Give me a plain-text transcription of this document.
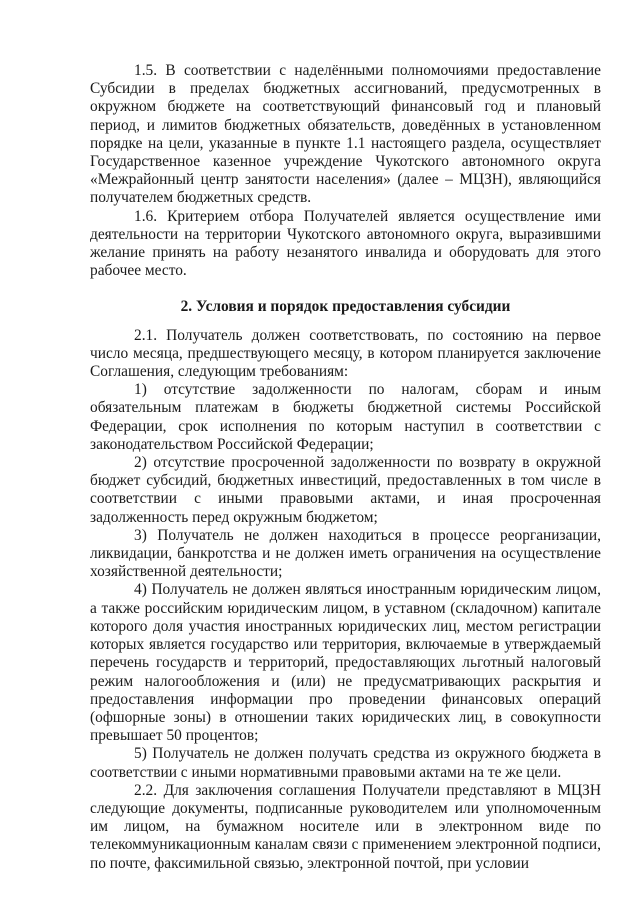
1.5. В соответствии с наделёнными полномочиями предоставление Субсидии в пределах бюджетных ассигнований, предусмотренных в окружном бюджете на соответствующий финансовый год и плановый период, и лимитов бюджетных обязательств, доведённых в установленном порядке на цели, указанные в пункте 1.1 настоящего раздела, осуществляет Государственное казенное учреждение Чукотского автономного округа «Межрайонный центр занятости населения» (далее – МЦЗН), являющийся получателем бюджетных средств.

1.6. Критерием отбора Получателей является осуществление ими деятельности на территории Чукотского автономного округа, выразившими желание принять на работу незанятого инвалида и оборудовать для этого рабочее место.

2. Условия и порядок предоставления субсидии

2.1. Получатель должен соответствовать, по состоянию на первое число месяца, предшествующего месяцу, в котором планируется заключение Соглашения, следующим требованиям:

1) отсутствие задолженности по налогам, сборам и иным обязательным платежам в бюджеты бюджетной системы Российской Федерации, срок исполнения по которым наступил в соответствии с законодательством Российской Федерации;

2) отсутствие просроченной задолженности по возврату в окружной бюджет субсидий, бюджетных инвестиций, предоставленных в том числе в соответствии с иными правовыми актами, и иная просроченная задолженность перед окружным бюджетом;

3) Получатель не должен находиться в процессе реорганизации, ликвидации, банкротства и не должен иметь ограничения на осуществление хозяйственной деятельности;

4) Получатель не должен являться иностранным юридическим лицом, а также российским юридическим лицом, в уставном (складочном) капитале которого доля участия иностранных юридических лиц, местом регистрации которых является государство или территория, включаемые в утверждаемый перечень государств и территорий, предоставляющих льготный налоговый режим налогообложения и (или) не предусматривающих раскрытия и предоставления информации про проведении финансовых операций (офшорные зоны) в отношении таких юридических лиц, в совокупности превышает 50 процентов;

5) Получатель не должен получать средства из окружного бюджета в соответствии с иными нормативными правовыми актами на те же цели.

2.2. Для заключения соглашения Получатели представляют в МЦЗН следующие документы, подписанные руководителем или уполномоченным им лицом, на бумажном носителе или в электронном виде по телекоммуникационным каналам связи с применением электронной подписи, по почте, факсимильной связью, электронной почтой, при условии
